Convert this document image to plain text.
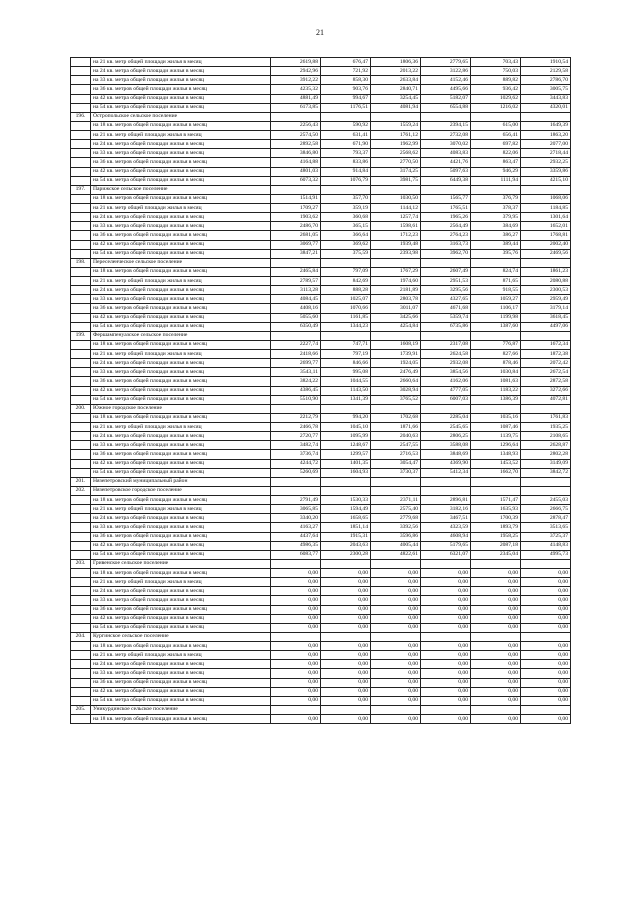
21
	на 21 кв. метр общей площади жилья в месяц	2619,88	676,47	1806,36	2779,65	703,43	1910,54
	на 24 кв. метра общей площади жилья в месяц	2942,96	721,92	2013,22	3122,86	750,03	2129,58
	на 33 кв. метра общей площади жилья в месяц	3912,22	858,30	2633,84	4152,46	889,82	2786,70
	на 36 кв. метров общей площади жилья в месяц	4235,32	903,76	2840,71	4495,66	936,42	3005,75
	на 42 кв. метра общей площади жилья в месяц	4881,49	994,67	3254,45	5182,07	1029,62	3443,83
	на 54 кв. метра общей площади жилья в месяц	6173,85	1176,51	4081,94	6554,88	1216,02	4320,01
196.	Остропольское сельское поселение						
	на 18 кв. метров общей площади жилья в месяц	2256,43	590,92	1559,24	2394,15	615,00	1649,39
	на 21 кв. метр общей площади жилья в месяц	2574,50	631,41	1761,12	2732,08	656,41	1863,20
	на 24 кв. метра общей площади жилья в месяц	2892,58	671,90	1962,99	3070,02	697,82	2077,00
	на 33 кв. метра общей площади жилья в месяц	3846,80	793,37	2568,62	4083,83	822,06	2718,44
	на 36 кв. метров общей площади жилья в месяц	4164,88	833,86	2770,50	4421,76	863,47	2932,25
	на 42 кв. метра общей площади жилья в месяц	4801,03	914,84	3174,25	5097,63	946,29	3359,86
	на 54 кв. метра общей площади жилья в месяц	6073,32	1076,79	3981,75	6449,38	1111,94	4215,10
197.	Парижское сельское поселение						
	на 18 кв. метров общей площади жилья в месяц	1514,91	357,70	1030,50	1565,77	376,79	1068,06
	на 21 кв. метр общей площади жилья в месяц	1709,27	359,19	1144,12	1765,51	378,37	1184,85
	на 24 кв. метра общей площади жилья в месяц	1903,62	360,68	1257,74	1965,26	379,95	1301,64
	на 33 кв. метра общей площади жилья в месяц	2486,70	365,15	1598,61	2564,49	384,69	1652,01
	на 36 кв. метров общей площади жилья в месяц	2681,05	366,64	1712,23	2764,23	386,27	1768,81
	на 42 кв. метра общей площади жилья в месяц	3069,77	369,62	1939,48	3163,73	389,44	2002,40
	на 54 кв. метра общей площади жилья в месяц	3847,21	375,59	2393,98	3962,70	395,76	2469,56
198.	Переселенческое сельское поселение						
	на 18 кв. метров общей площади жилья в месяц	2465,84	797,09	1767,29	2607,49	824,74	1861,23
	на 21 кв. метр общей площади жилья в месяц	2789,57	842,69	1974,60	2951,53	871,65	2080,88
	на 24 кв. метра общей площади жилья в месяц	3113,28	888,28	2181,89	3295,56	918,55	2300,53
	на 33 кв. метра общей площади жилья в месяц	4084,45	1025,07	2803,78	4327,65	1059,27	2959,49
	на 36 кв. метров общей площади жилья в месяц	4408,16	1070,66	3011,07	4671,68	1106,17	3179,14
	на 42 кв. метра общей площади жилья в месяц	5055,60	1161,85	3425,66	5359,74	1199,98	3618,45
	на 54 кв. метра общей площади жилья в месяц	6350,49	1344,23	4254,84	6735,86	1387,60	4497,06
199.	Фершампенуазское сельское поселение						
	на 18 кв. метров общей площади жилья в месяц	2227,74	747,71	1608,19	2317,08	776,87	1672,34
	на 21 кв. метр общей площади жилья в месяц	2418,66	797,19	1739,91	2624,58	827,66	1872,38
	на 24 кв. метра общей площади жилья в месяц	2699,77	846,66	1924,05	2932,08	878,46	2072,42
	на 33 кв. метра общей площади жилья в месяц	3543,11	995,08	2476,49	3854,56	1030,84	2672,54
	на 36 кв. метров общей площади жилья в месяц	3824,22	1044,55	2660,64	4162,06	1081,63	2872,58
	на 42 кв. метра общей площади жилья в месяц	4386,45	1143,50	3028,94	4777,05	1183,22	3272,66
	на 54 кв. метра общей площади жилья в месяц	5510,90	1341,39	3765,52	6007,03	1386,39	4072,81
200.	Южное городское поселение						
	на 18 кв. метров общей площади жилья в месяц	2212,79	994,20	1702,68	2285,04	1035,16	1761,83
	на 21 кв. метр общей площади жилья в месяц	2466,78	1045,10	1871,66	2545,65	1087,46	1935,25
	на 24 кв. метра общей площади жилья в месяц	2720,77	1095,99	2040,63	2806,25	1139,75	2108,65
	на 33 кв. метра общей площади жилья в месяц	3482,74	1248,67	2547,55	3588,08	1296,64	2628,87
	на 36 кв. метров общей площади жилья в месяц	3736,74	1299,57	2716,53	3848,69	1348,93	2802,28
	на 42 кв. метра общей площади жилья в месяц	4244,72	1401,35	3054,47	4369,90	1453,52	3149,09
	на 54 кв. метра общей площади жилья в месяц	5260,69	1604,93	3730,37	5412,34	1662,70	3842,72
201.	Нязепетровский муниципальный район						
202.	Нязепетровское городское поселение						
	на 18 кв. метров общей площади жилья в месяц	2791,49	1530,33	2371,11	2896,81	1571,47	2455,03
	на 21 кв. метр общей площади жилья в месяц	3065,85	1594,49	2575,40	3182,16	1635,93	2666,75
	на 24 кв. метра общей площади жилья в месяц	3340,20	1658,65	2779,68	3467,51	1700,39	2878,47
	на 33 кв. метра общей площади жилья в месяц	4163,27	1851,14	3392,56	4323,59	1893,79	3513,65
	на 36 кв. метров общей площади жилья в месяц	4437,64	1915,31	3596,86	4608,94	1958,25	3725,37
	на 42 кв. метра общей площади жилья в месяц	4986,35	2043,63	4005,44	5179,65	2087,18	4148,83
	на 54 кв. метра общей площади жилья в месяц	6083,77	2300,28	4822,61	6321,07	2345,04	4995,73
203.	Гривенское сельское поселение						
	на 18 кв. метров общей площади жилья в месяц	0,00	0,00	0,00	0,00	0,00	0,00
	на 21 кв. метр общей площади жилья в месяц	0,00	0,00	0,00	0,00	0,00	0,00
	на 24 кв. метра общей площади жилья в месяц	0,00	0,00	0,00	0,00	0,00	0,00
	на 33 кв. метра общей площади жилья в месяц	0,00	0,00	0,00	0,00	0,00	0,00
	на 36 кв. метров общей площади жилья в месяц	0,00	0,00	0,00	0,00	0,00	0,00
	на 42 кв. метра общей площади жилья в месяц	0,00	0,00	0,00	0,00	0,00	0,00
	на 54 кв. метра общей площади жилья в месяц	0,00	0,00	0,00	0,00	0,00	0,00
204.	Кургинское сельское поселение						
	на 18 кв. метров общей площади жилья в месяц	0,00	0,00	0,00	0,00	0,00	0,00
	на 21 кв. метр общей площади жилья в месяц	0,00	0,00	0,00	0,00	0,00	0,00
	на 24 кв. метра общей площади жилья в месяц	0,00	0,00	0,00	0,00	0,00	0,00
	на 33 кв. метра общей площади жилья в месяц	0,00	0,00	0,00	0,00	0,00	0,00
	на 36 кв. метров общей площади жилья в месяц	0,00	0,00	0,00	0,00	0,00	0,00
	на 42 кв. метра общей площади жилья в месяц	0,00	0,00	0,00	0,00	0,00	0,00
	на 54 кв. метра общей площади жилья в месяц	0,00	0,00	0,00	0,00	0,00	0,00
205.	Уникурдинское сельское поселение						
	на 18 кв. метров общей площади жилья в месяц	0,00	0,00	0,00	0,00	0,00	0,00
